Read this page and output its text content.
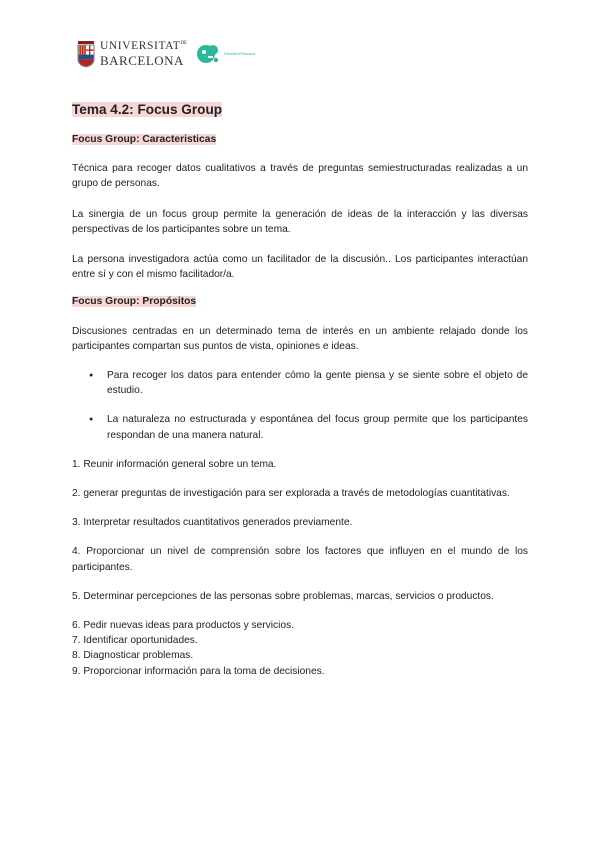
$UNIVERSITAT^{DE}$
BARCELONA	Facultat d'Educació
Tema 4.2: Focus Group
Focus Group: Caracteristicas

Técnica para recoger datos cualitativos a través de preguntas semiestructuradas realizadas a un grupo de personas.

La sinergia de un focus group permite la generación de ideas de la interacción y las diversas perspectivas de los participantes sobre un tema.

La persona investigadora actúa como un facilitador de la discusión.. Los participantes interactúan entre sí y con el mismo facilitador/a.

Focus Group: Propósitos

Discusiones centradas en un determinado tema de interés en un ambiente relajado donde los participantes compartan sus puntos de vista, opiniones e ideas.

● Para recoger los datos para entender cómo la gente piensa y se siente sobre el objeto de estudio.
● La naturaleza no estructurada y espontánea del focus group permite que los participantes respondan de una manera natural.

1. Reunir información general sobre un tema.

2. generar preguntas de investigación para ser explorada a través de metodologías cuantitativas.

3. Interpretar resultados cuantitativos generados previamente.

4. Proporcionar un nivel de comprensión sobre los factores que influyen en el mundo de los participantes.

5. Determinar percepciones de las personas sobre problemas, marcas, servicios o productos.

6. Pedir nuevas ideas para productos y servicios.

7. Identificar oportunidades.

8. Diagnosticar problemas.

9. Proporcionar información para la toma de decisiones.
